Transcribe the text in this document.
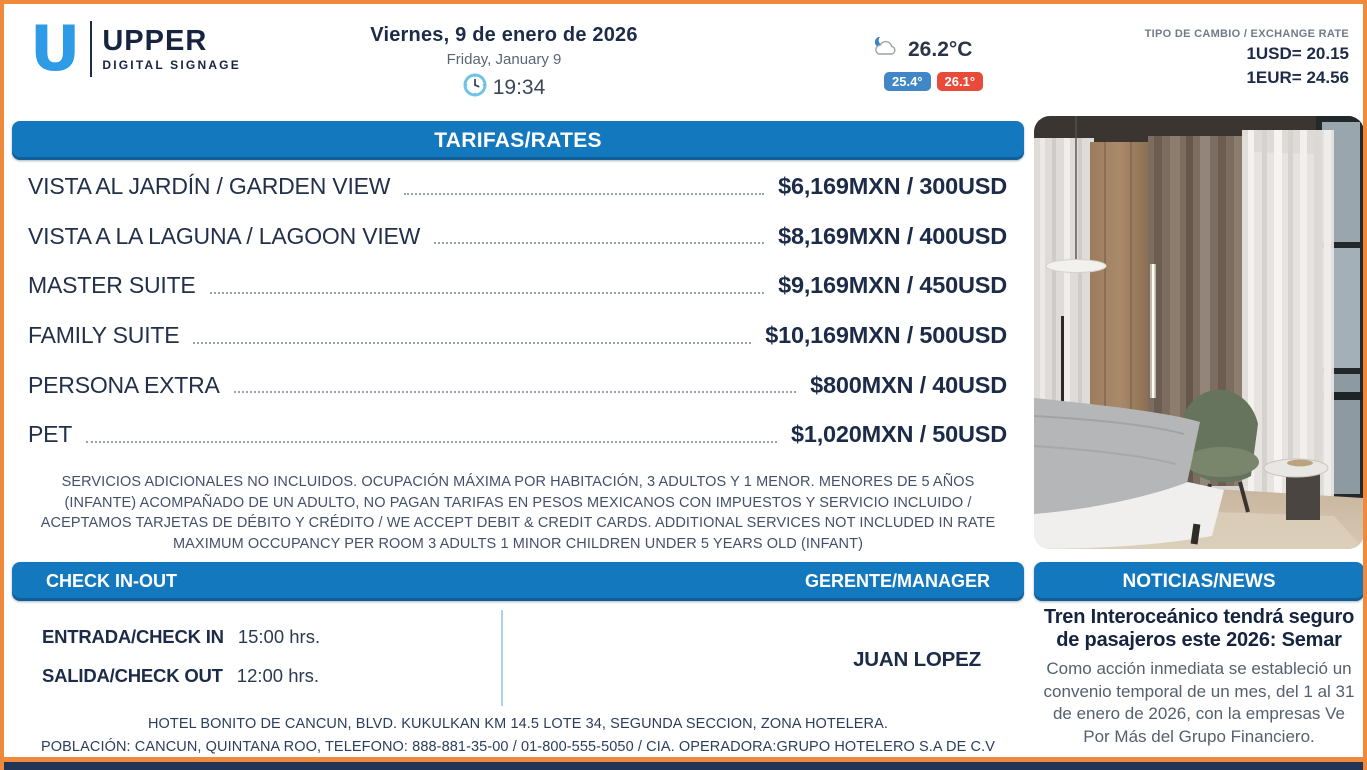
U UPPER
DIGITAL SIGNAGE
Viernes, 9 de enero de 2026
Friday, January 9
19:34
26.2°C
25.4°	26.1°
TIPO DE CAMBIO / EXCHANGE RATE
1USD= 20.15
1EUR= 24.56
TARIFAS/RATES
VISTA AL JARDÍN / GARDEN VIEW	$6,169MXN / 300USD
VISTA A LA LAGUNA / LAGOON VIEW	$8,169MXN / 400USD
MASTER SUITE	$9,169MXN / 450USD
FAMILY SUITE	$10,169MXN / 500USD
PERSONA EXTRA	$800MXN / 40USD
PET	$1,020MXN / 50USD
SERVICIOS ADICIONALES NO INCLUIDOS. OCUPACIÓN MÁXIMA POR HABITACIÓN, 3 ADULTOS Y 1 MENOR. MENORES DE 5 AÑOS (INFANTE) ACOMPAÑADO DE UN ADULTO, NO PAGAN TARIFAS EN PESOS MEXICANOS CON IMPUESTOS Y SERVICIO INCLUIDO / ACEPTAMOS TARJETAS DE DÉBITO Y CRÉDITO / WE ACCEPT DEBIT & CREDIT CARDS. ADDITIONAL SERVICES NOT INCLUDED IN RATE MAXIMUM OCCUPANCY PER ROOM 3 ADULTS 1 MINOR CHILDREN UNDER 5 YEARS OLD (INFANT)
CHECK IN-OUT	GERENTE/MANAGER
ENTRADA/CHECK IN 15:00 hrs.
SALIDA/CHECK OUT 12:00 hrs.
JUAN LOPEZ
HOTEL BONITO DE CANCUN, BLVD. KUKULKAN KM 14.5 LOTE 34, SEGUNDA SECCION, ZONA HOTELERA.
POBLACIÓN: CANCUN, QUINTANA ROO, TELEFONO: 888-881-35-00 / 01-800-555-5050 / CIA. OPERADORA:GRUPO HOTELERO S.A DE C.V
NOTICIAS/NEWS
Tren Interoceánico tendrá seguro de pasajeros este 2026: Semar
Como acción inmediata se estableció un convenio temporal de un mes, del 1 al 31 de enero de 2026, con la empresas Ve Por Más del Grupo Financiero.
